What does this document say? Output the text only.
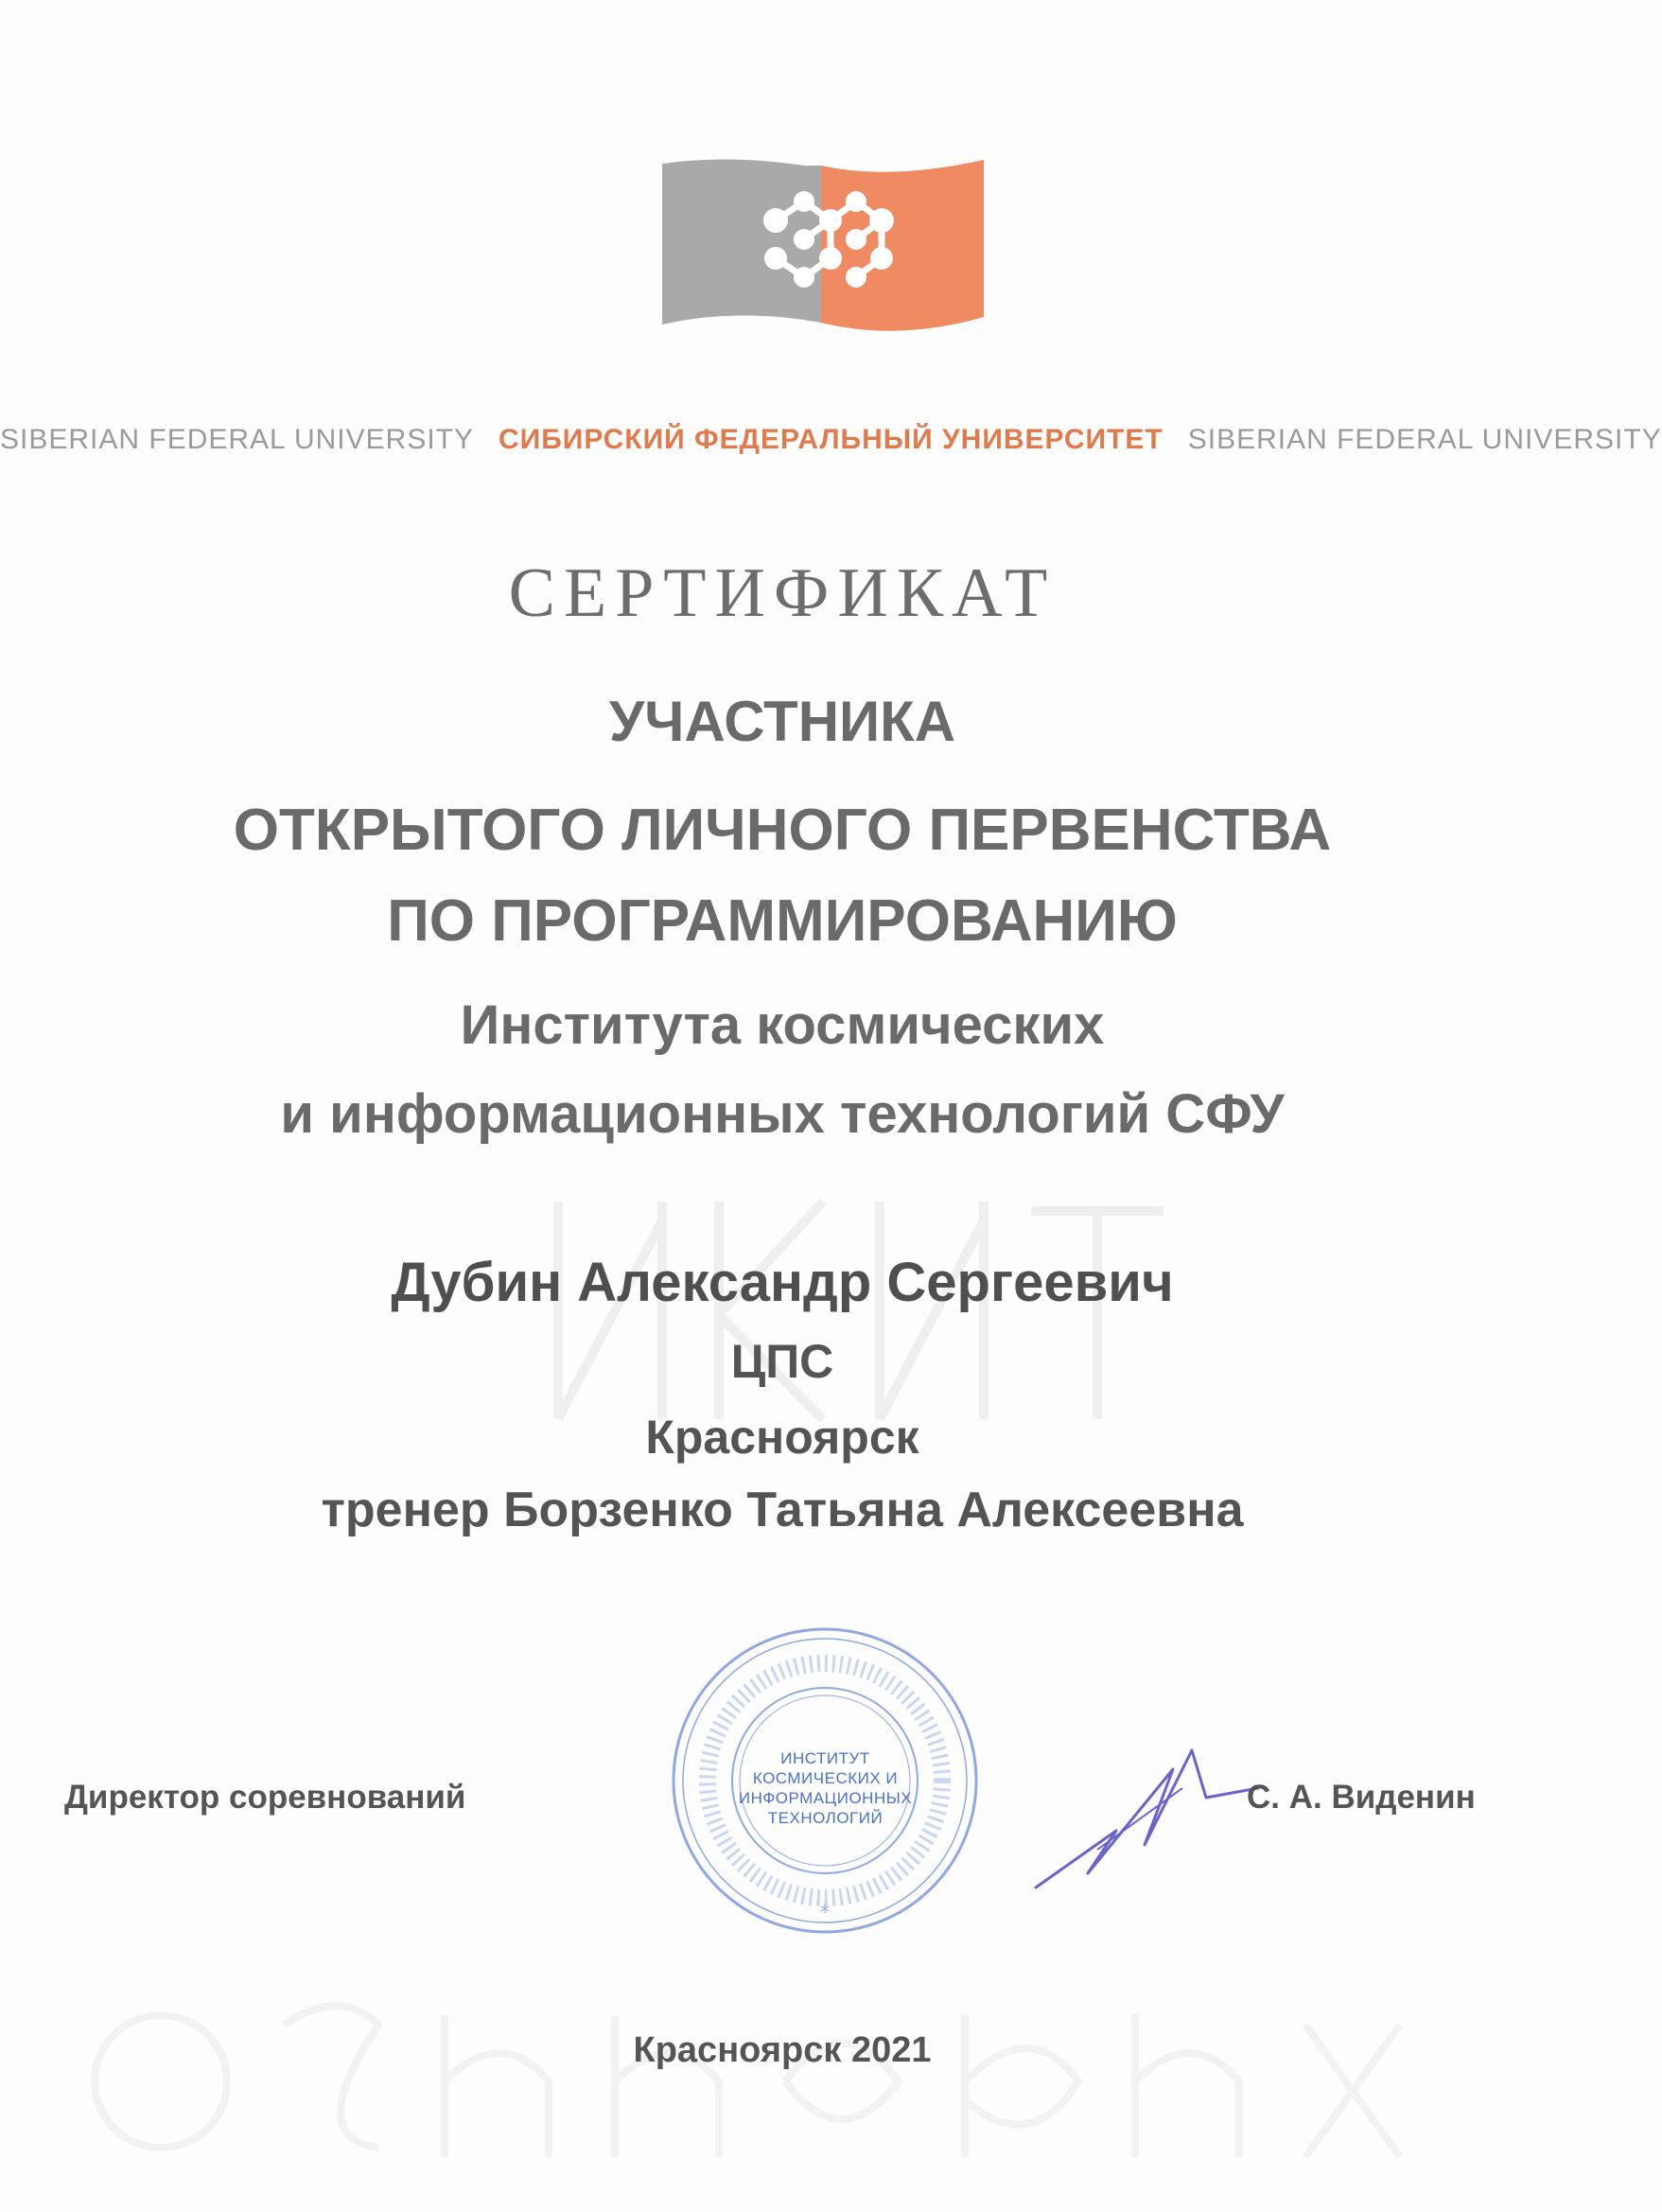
SIBERIAN FEDERAL UNIVERSITY СИБИРСКИЙ ФЕДЕРАЛЬНЫЙ УНИВЕРСИТЕТ SIBERIAN FEDERAL UNIVERSITY
СЕРТИФИКАТ
УЧАСТНИКА
ОТКРЫТОГО ЛИЧНОГО ПЕРВЕНСТВА
ПО ПРОГРАММИРОВАНИЮ
Института космических
и информационных технологий СФУ
Дубин Александр Сергеевич
ЦПС
Красноярск
тренер Борзенко Татьяна Алексеевна
*
ИНСТИТУТ
КОСМИЧЕСКИХ И
ИНФОРМАЦИОННЫХ
ТЕХНОЛОГИЙ
Директор соревнований	С. А. Виденин
Красноярск 2021
